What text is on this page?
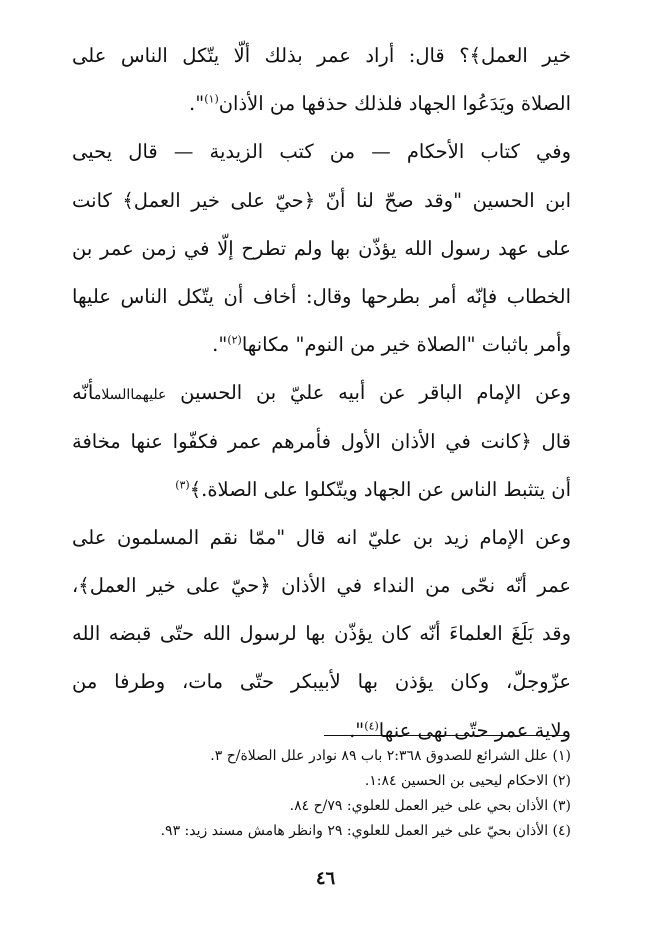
خير العمل﴾؟ قال: أراد عمر بذلك ألّا يتّكل الناس على
الصلاة ويَدَعُوا الجهاد فلذلك حذفها من الأذان$^{(١)}$".
وفي كتاب الأحكام — من كتب الزيدية — قال يحيى
ابن الحسين "وقد صحّ لنا أنّ ﴿حيّ على خير العمل﴾ كانت
على عهد رسول الله يؤذّن بها ولم تطرح إلّا في زمن عمر بن
الخطاب فإنّه أمر بطرحها وقال: أخاف أن يتّكل الناس عليها
وأمر باثبات "الصلاة خير من النوم" مكانها$^{(٢)}$".
وعن الإمام الباقر عن أبيه عليّ بن الحسين عليهماالسلامأنّه
قال ﴿كانت في الأذان الأول فأمرهم عمر فكفّوا عنها مخافة
أن يتثبط الناس عن الجهاد ويتّكلوا على الصلاة.﴾$^{(٣)}$
وعن الإمام زيد بن عليّ انه قال "ممّا نقم المسلمون على
عمر أنّه نحّى من النداء في الأذان ﴿حيّ على خير العمل﴾،
وقد بَلَغَ العلماءَ أنّه كان يؤذّن بها لرسول الله حتّى قبضه الله
عزّوجلّ، وكان يؤذن بها لأبيبكر حتّى مات، وطرفا من
ولاية عمر حتّى نهى عنها$^{(٤)}$".
(١) علل الشرائع للصدوق ٢:٣٦٨ باب ٨٩ نوادر علل الصلاة/ح ٣.
(٢) الاحكام ليحيى بن الحسين ١:٨٤.
(٣) الأذان بحي على خير العمل للعلوي: ٧٩/ح ٨٤.
(٤) الأذان بحيّ على خير العمل للعلوي: ٢٩ وانظر هامش مسند زيد: ٩٣.
٤٦
